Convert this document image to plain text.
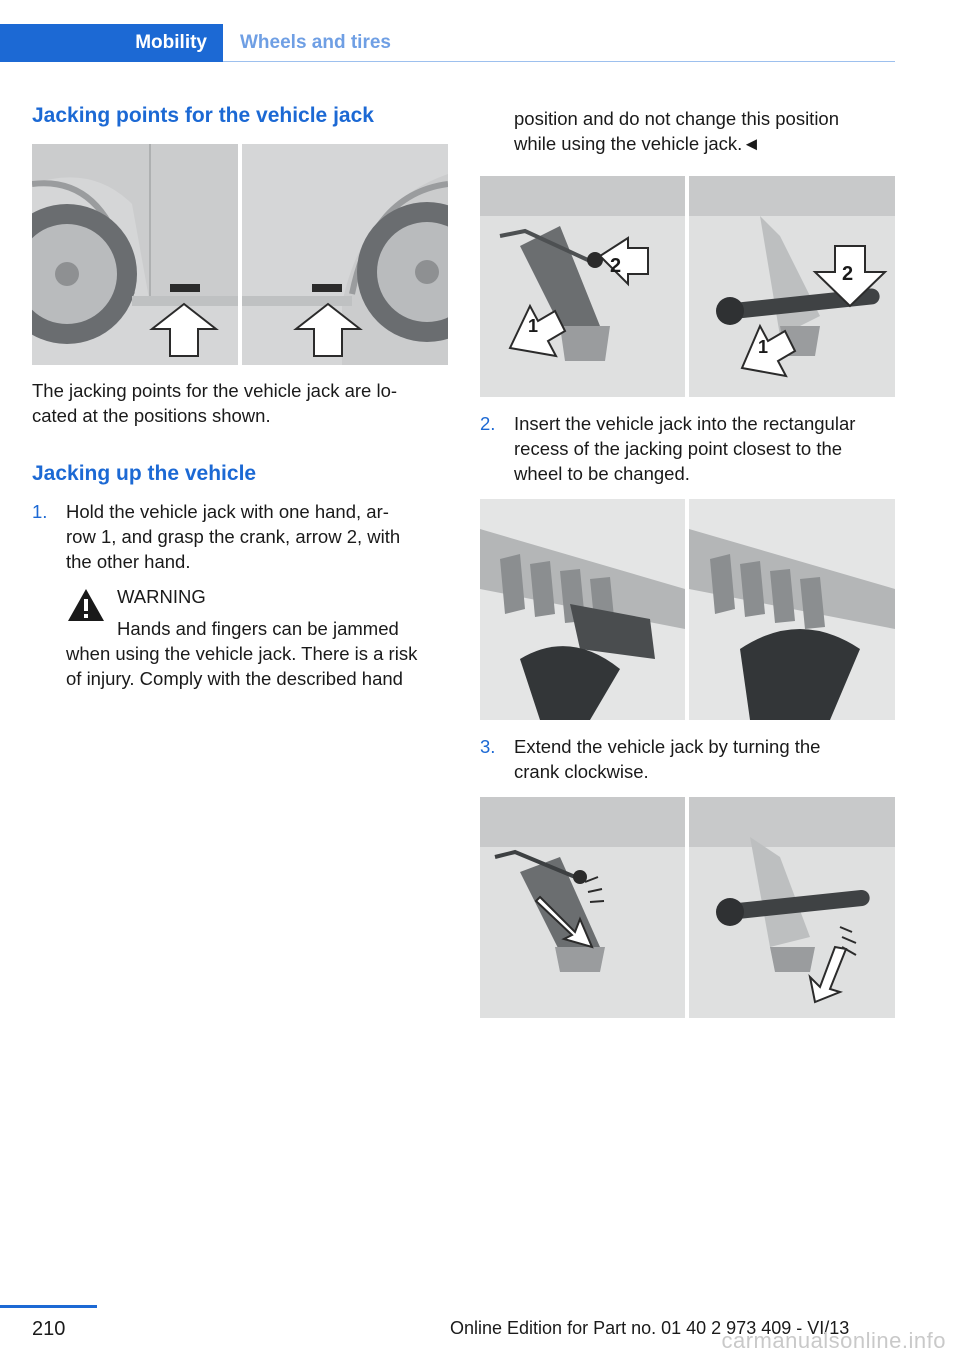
Mobility	Wheels and tires
Jacking points for the vehicle jack

The jacking points for the vehicle jack are lo-

cated at the positions shown.

Jacking up the vehicle
1. Hold the vehicle jack with one hand, ar-

row 1, and grasp the crank, arrow 2, with

the other hand.

WARNING

Hands and fingers can be jammed

when using the vehicle jack. There is a risk

of injury. Comply with the described hand

position and do not change this position

while using the vehicle jack.◄

2
1
2
1
2. Insert the vehicle jack into the rectangular

recess of the jacking point closest to the

wheel to be changed.

3. Extend the vehicle jack by turning the

crank clockwise.

210	Online Edition for Part no. 01 40 2 973 409 - VI/13
carmanualsonline.info
